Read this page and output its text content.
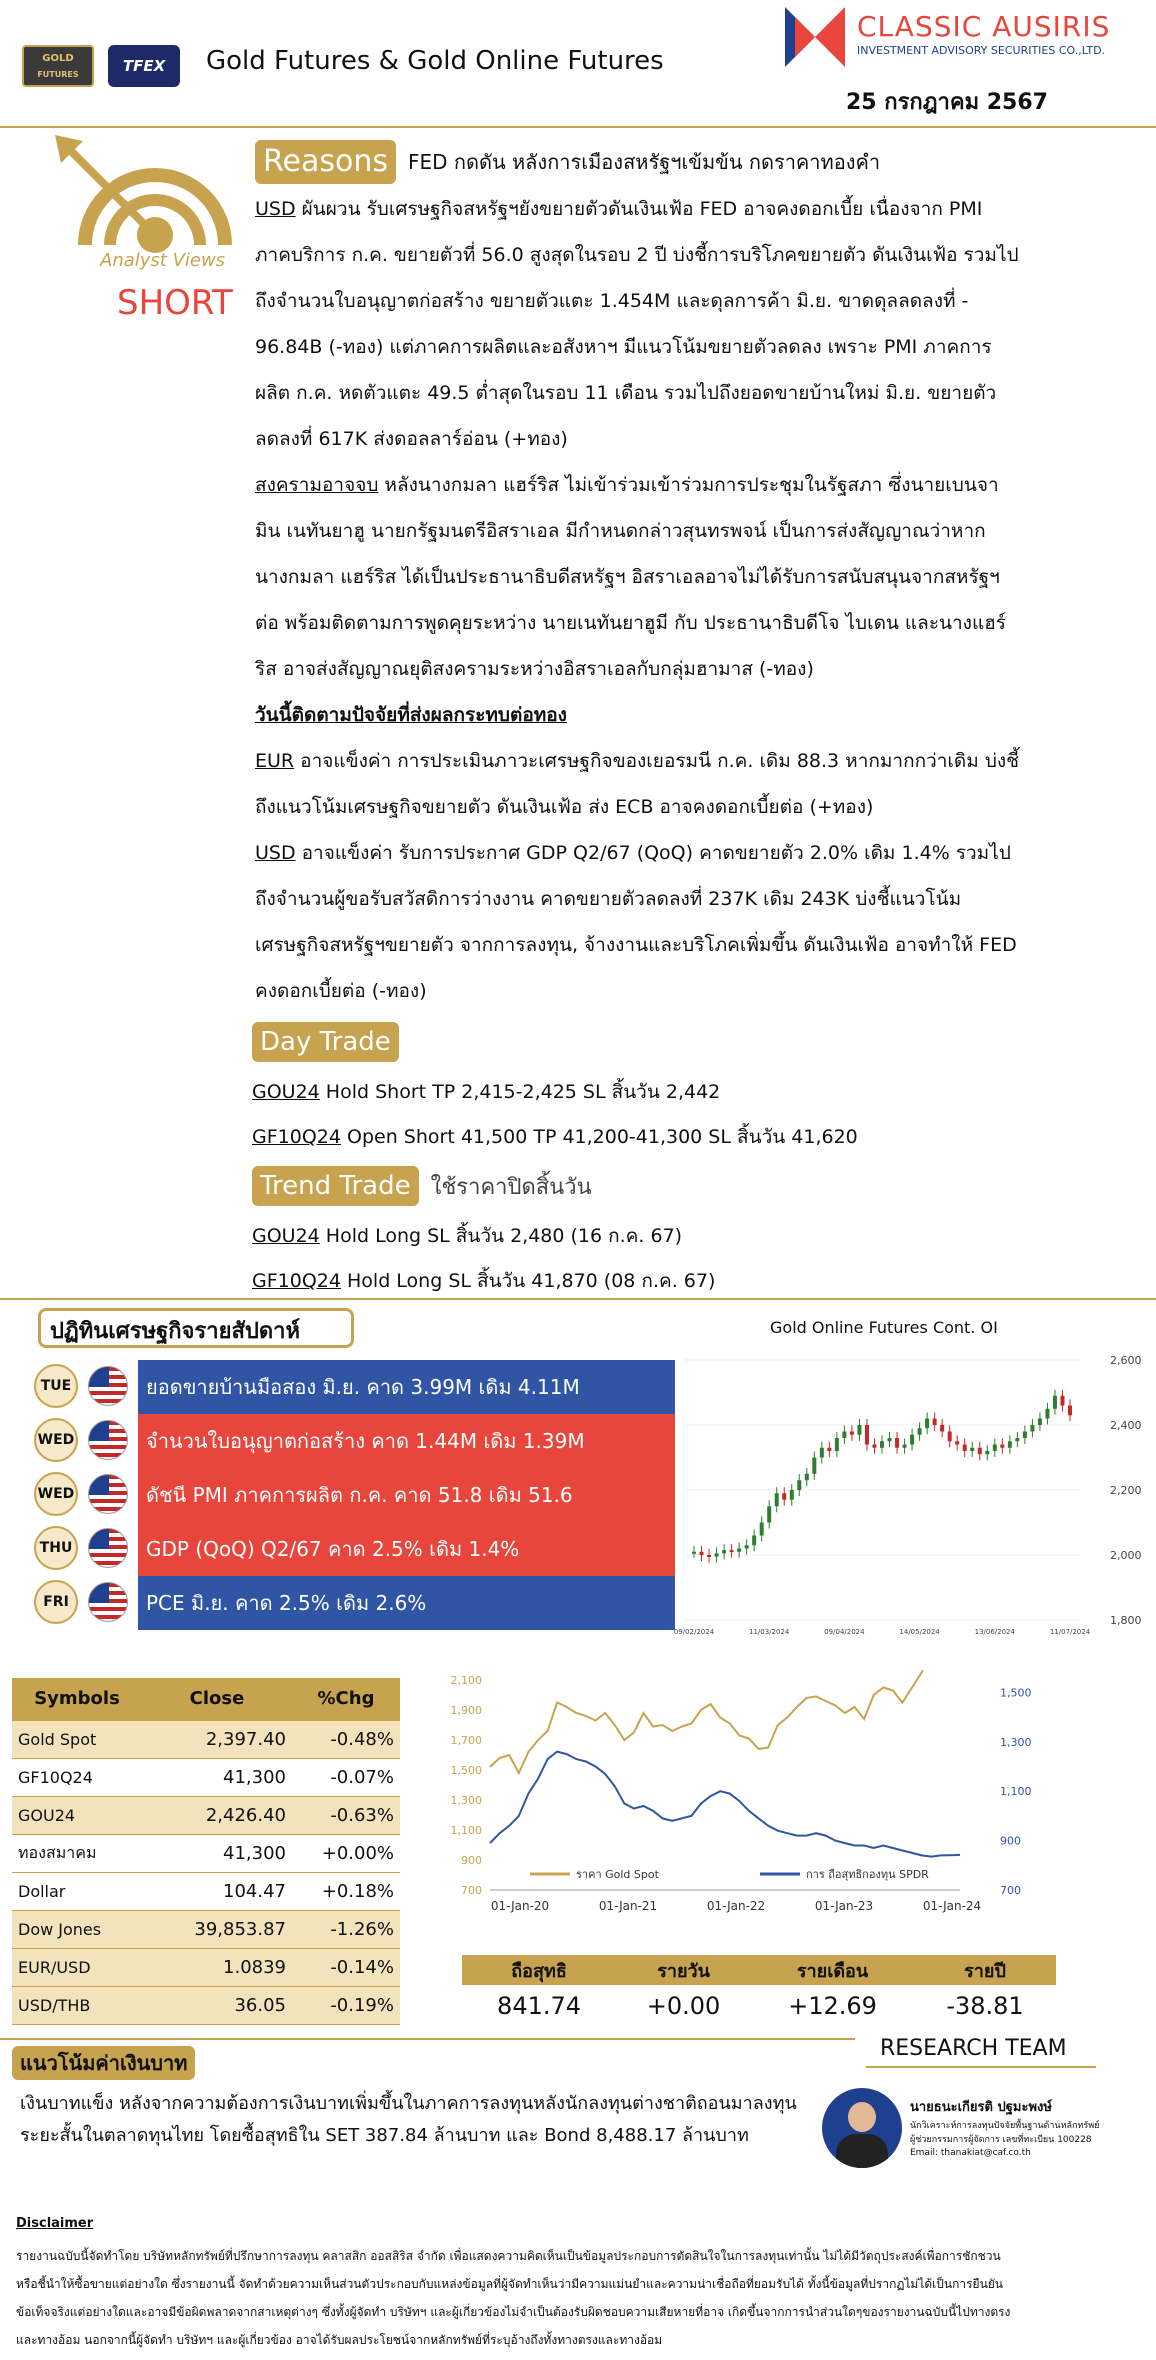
GOLD
FUTURES	TFEX	Gold Futures & Gold Online Futures
CLASSIC AUSIRIS
INVESTMENT ADVISORY SECURITIES CO.,LTD.
25 กรกฎาคม 2567
Analyst Views
SHORT
Reasons	FED กดดัน หลังการเมืองสหรัฐฯเข้มข้น กดราคาทองคำ
USD ผันผวน รับเศรษฐกิจสหรัฐฯยังขยายตัวดันเงินเฟ้อ FED อาจคงดอกเบี้ย เนื่องจาก PMI
ภาคบริการ ก.ค. ขยายตัวที่ 56.0 สูงสุดในรอบ 2 ปี บ่งชี้การบริโภคขยายตัว ดันเงินเฟ้อ รวมไป
ถึงจำนวนใบอนุญาตก่อสร้าง ขยายตัวแตะ 1.454M และดุลการค้า มิ.ย. ขาดดุลลดลงที่ -
96.84B (-ทอง) แต่ภาคการผลิตและอสังหาฯ มีแนวโน้มขยายตัวลดลง เพราะ PMI ภาคการ
ผลิต ก.ค. หดตัวแตะ 49.5 ต่ำสุดในรอบ 11 เดือน รวมไปถึงยอดขายบ้านใหม่ มิ.ย. ขยายตัว
ลดลงที่ 617K ส่งดอลลาร์อ่อน (+ทอง)
สงครามอาจจบ หลังนางกมลา แฮร์ริส ไม่เข้าร่วมเข้าร่วมการประชุมในรัฐสภา ซึ่งนายเบนจา
มิน เนทันยาฮู นายกรัฐมนตรีอิสราเอล มีกำหนดกล่าวสุนทรพจน์ เป็นการส่งสัญญาณว่าหาก
นางกมลา แฮร์ริส ได้เป็นประธานาธิบดีสหรัฐฯ อิสราเอลอาจไม่ได้รับการสนับสนุนจากสหรัฐฯ
ต่อ พร้อมติดตามการพูดคุยระหว่าง นายเนทันยาฮูมี กับ ประธานาธิบดีโจ ไบเดน และนางแฮร์
ริส อาจส่งสัญญาณยุติสงครามระหว่างอิสราเอลกับกลุ่มฮามาส (-ทอง)
วันนี้ติดตามปัจจัยที่ส่งผลกระทบต่อทอง
EUR อาจแข็งค่า การประเมินภาวะเศรษฐกิจของเยอรมนี ก.ค. เดิม 88.3 หากมากกว่าเดิม บ่งชี้
ถึงแนวโน้มเศรษฐกิจขยายตัว ดันเงินเฟ้อ ส่ง ECB อาจคงดอกเบี้ยต่อ (+ทอง)
USD อาจแข็งค่า รับการประกาศ GDP Q2/67 (QoQ) คาดขยายตัว 2.0% เดิม 1.4% รวมไป
ถึงจำนวนผู้ขอรับสวัสดิการว่างงาน คาดขยายตัวลดลงที่ 237K เดิม 243K บ่งชี้แนวโน้ม
เศรษฐกิจสหรัฐฯขยายตัว จากการลงทุน, จ้างงานและบริโภคเพิ่มขึ้น ดันเงินเฟ้อ อาจทำให้ FED
คงดอกเบี้ยต่อ (-ทอง)
Day Trade
GOU24 Hold Short TP 2,415-2,425 SL สิ้นวัน 2,442
GF10Q24 Open Short 41,500 TP 41,200-41,300 SL สิ้นวัน 41,620
Trend Trade ใช้ราคาปิดสิ้นวัน
GOU24 Hold Long SL สิ้นวัน 2,480 (16 ก.ค. 67)
GF10Q24 Hold Long SL สิ้นวัน 41,870 (08 ก.ค. 67)
ปฏิทินเศรษฐกิจรายสัปดาห์
TUE	ยอดขายบ้านมือสอง มิ.ย. คาด 3.99M เดิม 4.11M
WED	จำนวนใบอนุญาตก่อสร้าง คาด 1.44M เดิม 1.39M
WED	ดัชนี PMI ภาคการผลิต ก.ค. คาด 51.8 เดิม 51.6
THU	GDP (QoQ) Q2/67 คาด 2.5% เดิม 1.4%
FRI	PCE มิ.ย. คาด 2.5% เดิม 2.6%
Gold Online Futures Cont. OI
1,800
2,000
2,200
2,400
2,600
09/02/2024	11/03/2024	09/04/2024	14/05/2024	13/06/2024	11/07/2024
Symbols	Close	%Chg
Gold Spot	2,397.40	-0.48%
GF10Q24	41,300	-0.07%
GOU24	2,426.40	-0.63%
ทองสมาคม	41,300	+0.00%
Dollar	104.47	+0.18%
Dow Jones	39,853.87	-1.26%
EUR/USD	1.0839	-0.14%
USD/THB	36.05	-0.19%
700
900
1,100
1,300
1,500
1,700
1,900
2,100
700
900
1,100
1,300
1,500
01-Jan-20	01-Jan-21	01-Jan-22	01-Jan-23	01-Jan-24
ราคา Gold Spot	การ ถือสุทธิกองทุน SPDR
ถือสุทธิ	รายวัน	รายเดือน	รายปี
841.74	+0.00	+12.69	-38.81
แนวโน้มค่าเงินบาท
เงินบาทแข็ง หลังจากความต้องการเงินบาทเพิ่มขึ้นในภาคการลงทุนหลังนักลงทุนต่างชาติถอนมาลงทุน
ระยะสั้นในตลาดทุนไทย โดยซื้อสุทธิใน SET 387.84 ล้านบาท และ Bond 8,488.17 ล้านบาท
RESEARCH TEAM
นายธนะเกียรติ ปฐมะพงษ์
นักวิเคราะห์การลงทุนปัจจัยพื้นฐานด้านหลักทรัพย์
ผู้ช่วยกรรมการผู้จัดการ เลขที่ทะเบียน 100228
Email: thanakiat@caf.co.th
Disclaimer
รายงานฉบับนี้จัดทำโดย บริษัทหลักทรัพย์ที่ปรึกษาการลงทุน คลาสสิก ออสสิริส จำกัด เพื่อแสดงความคิดเห็นเป็นข้อมูลประกอบการตัดสินใจในการลงทุนเท่านั้น ไม่ได้มีวัตถุประสงค์เพื่อการชักชวน
หรือชี้นำให้ซื้อขายแต่อย่างใด ซึ่งรายงานนี้ จัดทำด้วยความเห็นส่วนตัวประกอบกับแหล่งข้อมูลที่ผู้จัดทำเห็นว่ามีความแม่นยำและความน่าเชื่อถือที่ยอมรับได้ ทั้งนี้ข้อมูลที่ปรากฏไม่ได้เป็นการยืนยัน
ข้อเท็จจริงแต่อย่างใดและอาจมีข้อผิดพลาดจากสาเหตุต่างๆ ซึ่งทั้งผู้จัดทำ บริษัทฯ และผู้เกี่ยวข้องไม่จำเป็นต้องรับผิดชอบความเสียหายที่อาจ เกิดขึ้นจากการนำส่วนใดๆของรายงานฉบับนี้ไปทางตรง
และทางอ้อม นอกจากนี้ผู้จัดทำ บริษัทฯ และผู้เกี่ยวข้อง อาจได้รับผลประโยชน์จากหลักทรัพย์ที่ระบุอ้างถึงทั้งทางตรงและทางอ้อม
